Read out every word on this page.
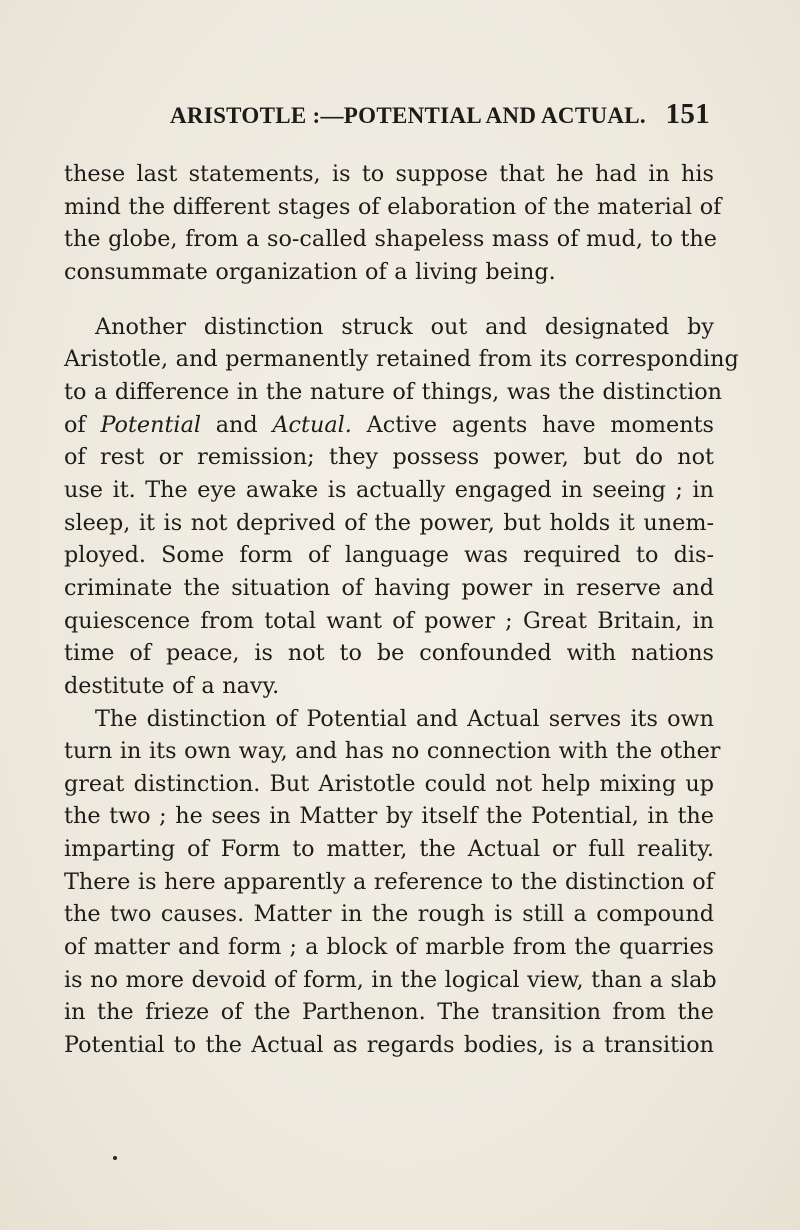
ARISTOTLE :—POTENTIAL AND ACTUAL. 151
these last statements, is to suppose that he had in his
mind the different stages of elaboration of the material of
the globe, from a so-called shapeless mass of mud, to the
consummate organization of a living being.
Another distinction struck out and designated by
Aristotle, and permanently retained from its corresponding
to a difference in the nature of things, was the distinction
of Potential and Actual. Active agents have moments
of rest or remission; they possess power, but do not
use it. The eye awake is actually engaged in seeing ; in
sleep, it is not deprived of the power, but holds it unem-
ployed. Some form of language was required to dis-
criminate the situation of having power in reserve and
quiescence from total want of power ; Great Britain, in
time of peace, is not to be confounded with nations
destitute of a navy.
The distinction of Potential and Actual serves its own
turn in its own way, and has no connection with the other
great distinction. But Aristotle could not help mixing up
the two ; he sees in Matter by itself the Potential, in the
imparting of Form to matter, the Actual or full reality.
There is here apparently a reference to the distinction of
the two causes. Matter in the rough is still a compound
of matter and form ; a block of marble from the quarries
is no more devoid of form, in the logical view, than a slab
in the frieze of the Parthenon. The transition from the
Potential to the Actual as regards bodies, is a transition
